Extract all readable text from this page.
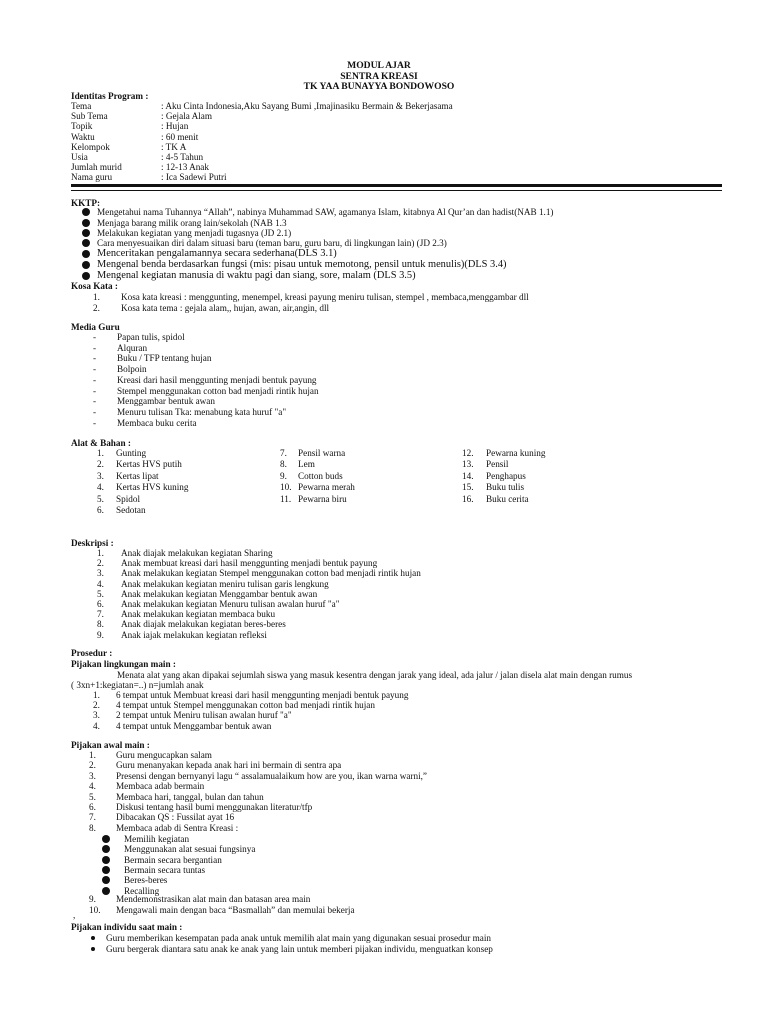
MODUL AJAR
SENTRA KREASI
TK YAA BUNAYYA BONDOWOSO
Identitas Program :
Tema	: Aku Cinta Indonesia,Aku Sayang Bumi ,Imajinasiku Bermain & Bekerjasama
Sub Tema	: Gejala Alam
Topik	: Hujan
Waktu	: 60 menit
Kelompok	: TK A
Usia	: 4-5 Tahun
Jumlah murid	: 12-13 Anak
Nama guru	: Ica Sadewi Putri
KKTP:
Mengetahui nama Tuhannya “Allah”, nabinya Muhammad SAW, agamanya Islam, kitabnya Al Qur’an dan hadist(NAB 1.1)
Menjaga barang milik orang lain/sekolah (NAB 1.3
Melakukan kegiatan yang menjadi tugasnya (JD 2.1)
Cara menyesuaikan diri dalam situasi baru (teman baru, guru baru, di lingkungan lain) (JD 2.3)
Menceritakan pengalamannya secara sederhana(DLS 3.1)
Mengenal benda berdasarkan fungsi (mis: pisau untuk memotong, pensil untuk menulis)(DLS 3.4)
Mengenal kegiatan manusia di waktu pagi dan siang, sore, malam (DLS 3.5)
Kosa Kata :
1. Kosa kata kreasi : menggunting, menempel, kreasi payung meniru tulisan, stempel , membaca,menggambar dll
2. Kosa kata tema : gejala alam,, hujan, awan, air,angin, dll
Media Guru
- Papan tulis, spidol
- Alquran
- Buku / TFP tentang hujan
- Bolpoin
- Kreasi dari hasil menggunting menjadi bentuk payung
- Stempel menggunakan cotton bad menjadi rintik hujan
- Menggambar bentuk awan
- Menuru tulisan Tka: menabung kata huruf "a"
- Membaca buku cerita
Alat & Bahan :
1. Gunting
2. Kertas HVS putih
3. Kertas lipat
4. Kertas HVS kuning
5. Spidol
6. Sedotan
7. Pensil warna
8. Lem
9. Cotton buds
10. Pewarna merah
11. Pewarna biru
12. Pewarna kuning
13. Pensil
14. Penghapus
15. Buku tulis
16. Buku cerita
Deskripsi :
1. Anak diajak melakukan kegiatan Sharing
2. Anak membuat kreasi dari hasil menggunting menjadi bentuk payung
3. Anak melakukan kegiatan Stempel menggunakan cotton bad menjadi rintik hujan
4. Anak melakukan kegiatan meniru tulisan garis lengkung
5. Anak melakukan kegiatan Menggambar bentuk awan
6. Anak melakukan kegiatan Menuru tulisan awalan huruf "a"
7. Anak melakukan kegiatan membaca buku
8. Anak diajak melakukan kegiatan beres-beres
9. Anak iajak melakukan kegiatan refleksi
Prosedur :
Pijakan lingkungan main :
Menata alat yang akan dipakai sejumlah siswa yang masuk kesentra dengan jarak yang ideal, ada jalur / jalan disela alat main dengan rumus
( 3xn+1:kegiatan=..) n=jumlah anak
1. 6 tempat untuk Membuat kreasi dari hasil menggunting menjadi bentuk payung
2. 4 tempat untuk Stempel menggunakan cotton bad menjadi rintik hujan
3. 2 tempat untuk Meniru tulisan awalan huruf "a"
4. 4 tempat untuk Menggambar bentuk awan
Pijakan awal main :
1. Guru mengucapkan salam
2. Guru menanyakan kepada anak hari ini bermain di sentra apa
3. Presensi dengan bernyanyi lagu “ assalamualaikum how are you, ikan warna warni,”
4. Membaca adab bermain
5. Membaca hari, tanggal, bulan dan tahun
6. Diskusi tentang hasil bumi menggunakan literatur/tfp
7. Dibacakan QS : Fussilat ayat 16
8. Membaca adab di Sentra Kreasi :
Memilih kegiatan
Menggunakan alat sesuai fungsinya
Bermain secara bergantian
Bermain secara tuntas
Beres-beres
Recalling
9. Mendemonstrasikan alat main dan batasan area main
10. Mengawali main dengan baca “Basmallah” dan memulai bekerja
,
Pijakan individu saat main :
Guru memberikan kesempatan pada anak untuk memilih alat main yang digunakan sesuai prosedur main
Guru bergerak diantara satu anak ke anak yang lain untuk memberi pijakan individu, menguatkan konsep
